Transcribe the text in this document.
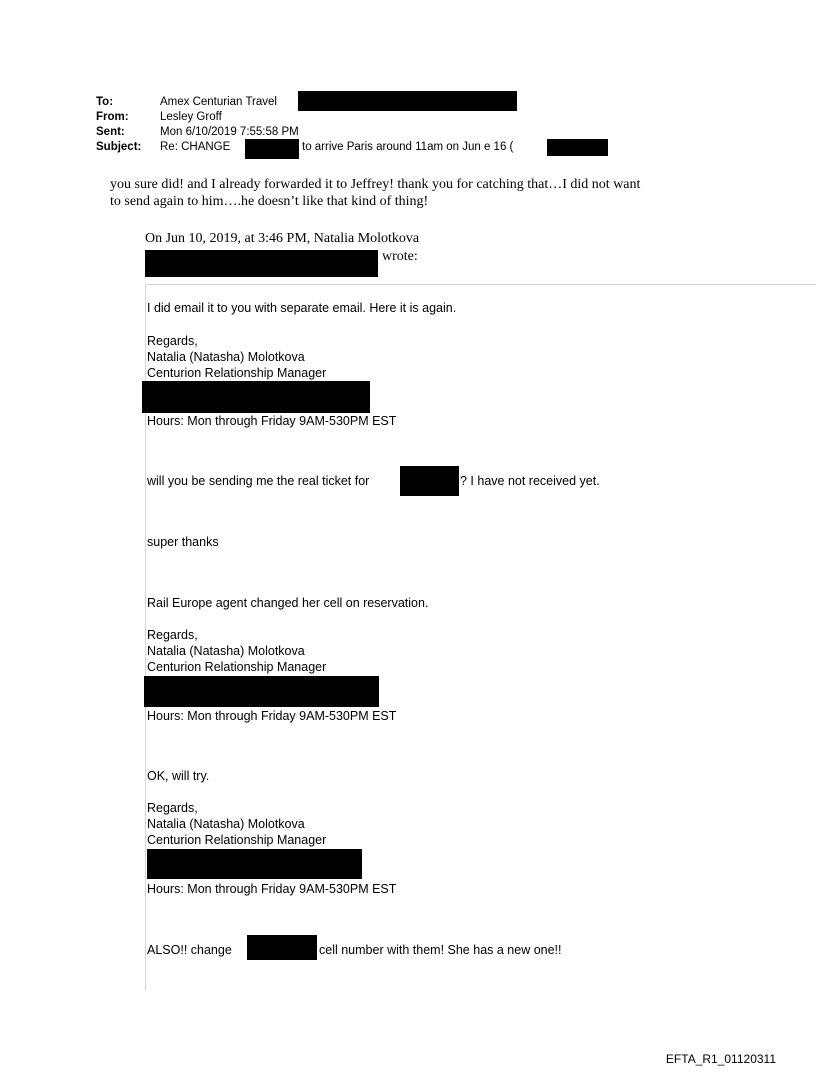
To:	Amex Centurian Travel
From:	Lesley Groff
Sent:	Mon 6/10/2019 7:55:58 PM
Subject: Re: CHANGE	to arrive Paris around 11am on Jun e 16 (
you sure did! and I already forwarded it to Jeffrey! thank you for catching that…I did not want
to send again to him….he doesn’t like that kind of thing!
On Jun 10, 2019, at 3:46 PM, Natalia Molotkova
wrote:
I did email it to you with separate email. Here it is again.
Regards,
Natalia (Natasha) Molotkova
Centurion Relationship Manager
Hours: Mon through Friday 9AM-530PM EST
will you be sending me the real ticket for	? I have not received yet.
super thanks
Rail Europe agent changed her cell on reservation.
Regards,
Natalia (Natasha) Molotkova
Centurion Relationship Manager
Hours: Mon through Friday 9AM-530PM EST
OK, will try.
Regards,
Natalia (Natasha) Molotkova
Centurion Relationship Manager
Hours: Mon through Friday 9AM-530PM EST
ALSO!! change	cell number with them! She has a new one!!
EFTA_R1_01120311
